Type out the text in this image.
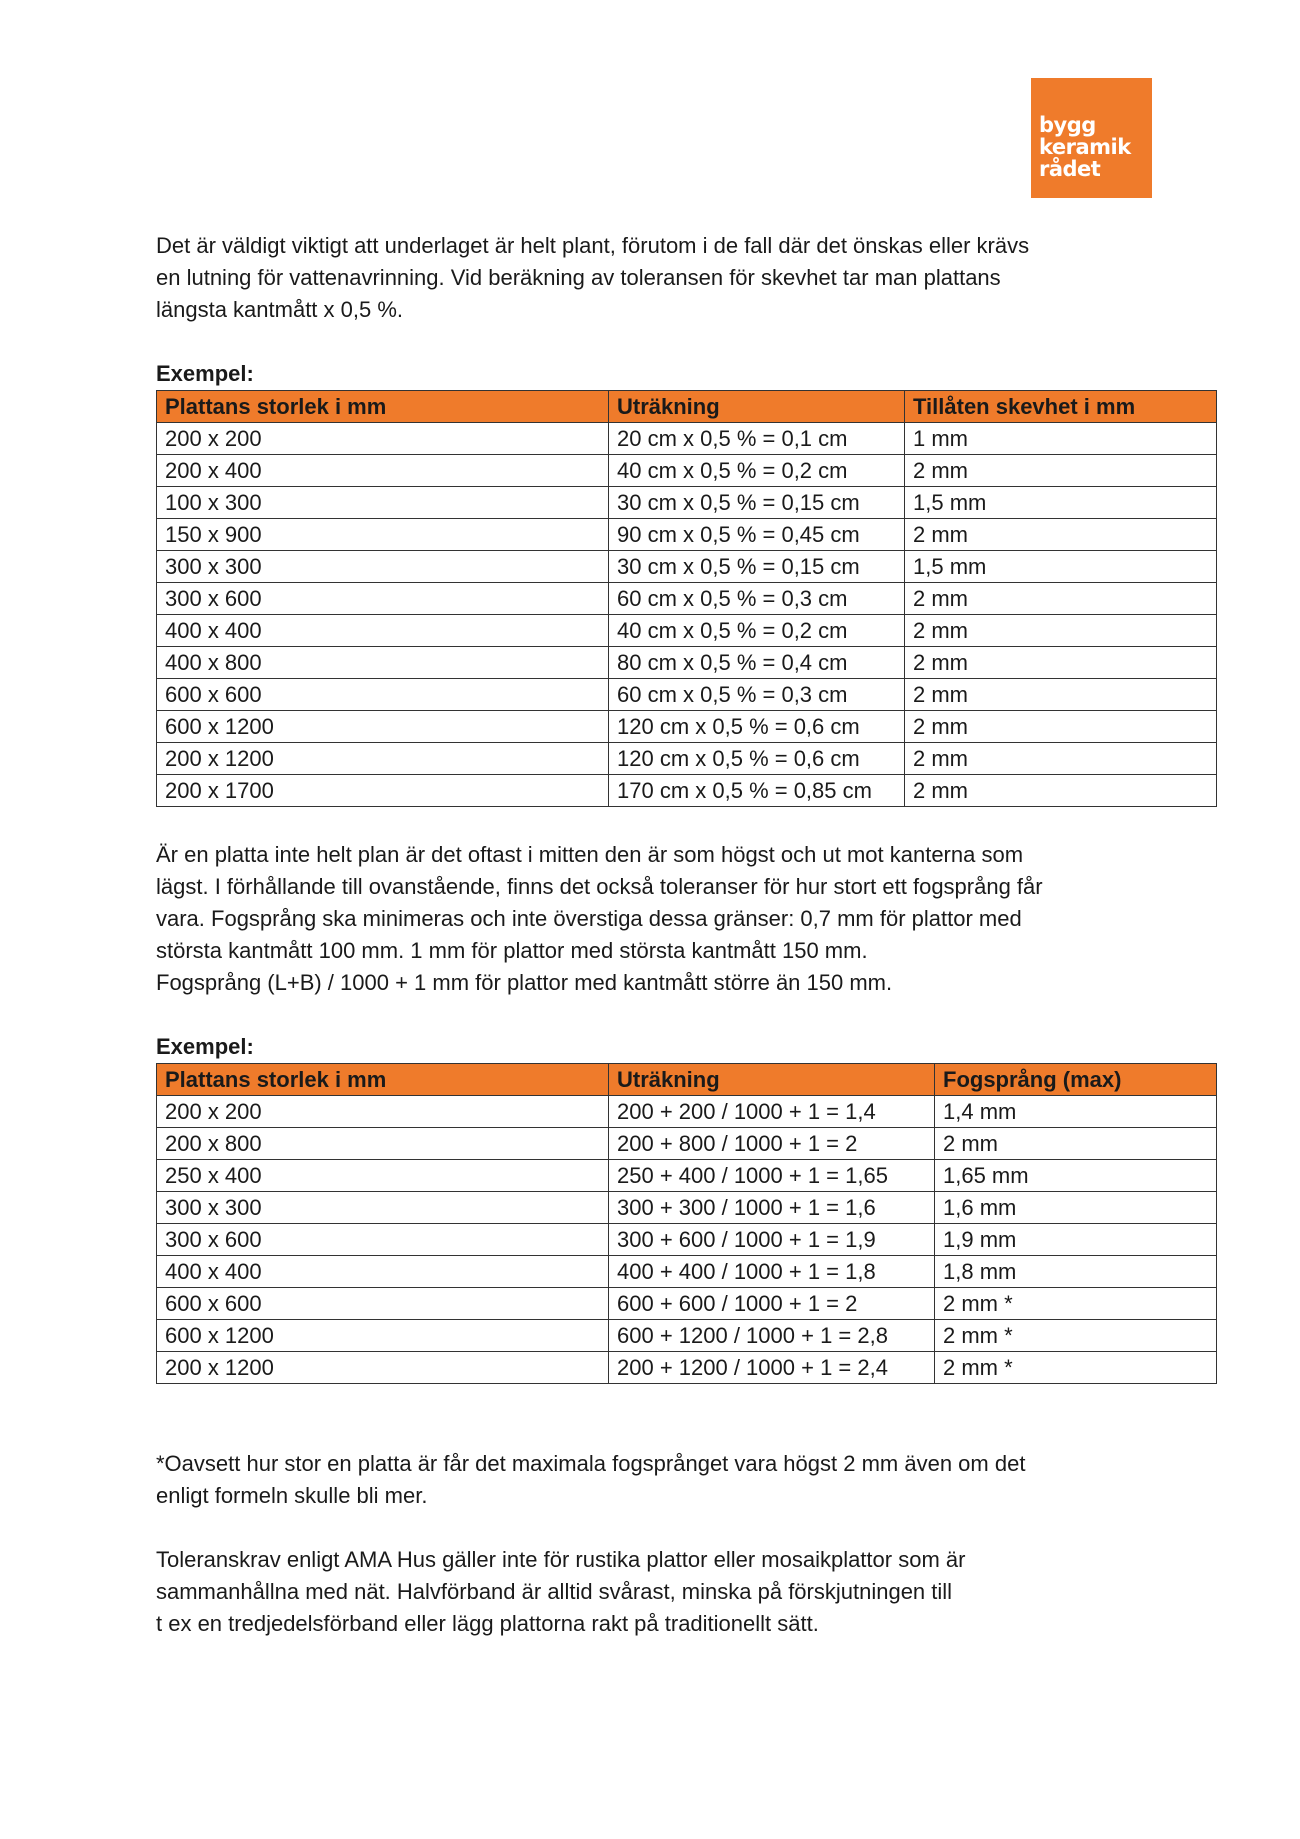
bygg
keramik
rådet

Det är väldigt viktigt att underlaget är helt plant, förutom i de fall där det önskas eller krävs
en lutning för vattenavrinning. Vid beräkning av toleransen för skevhet tar man plattans
längsta kantmått x 0,5 %.

Exempel:
Plattans storlek i mm	Uträkning	Tillåten skevhet i mm
200 x 200	20 cm x 0,5 % = 0,1 cm	1 mm
200 x 400	40 cm x 0,5 % = 0,2 cm	2 mm
100 x 300	30 cm x 0,5 % = 0,15 cm	1,5 mm
150 x 900	90 cm x 0,5 % = 0,45 cm	2 mm
300 x 300	30 cm x 0,5 % = 0,15 cm	1,5 mm
300 x 600	60 cm x 0,5 % = 0,3 cm	2 mm
400 x 400	40 cm x 0,5 % = 0,2 cm	2 mm
400 x 800	80 cm x 0,5 % = 0,4 cm	2 mm
600 x 600	60 cm x 0,5 % = 0,3 cm	2 mm
600 x 1200	120 cm x 0,5 % = 0,6 cm	2 mm
200 x 1200	120 cm x 0,5 % = 0,6 cm	2 mm
200 x 1700	170 cm x 0,5 % = 0,85 cm	2 mm

Är en platta inte helt plan är det oftast i mitten den är som högst och ut mot kanterna som
lägst. I förhållande till ovanstående, finns det också toleranser för hur stort ett fogsprång får
vara. Fogsprång ska minimeras och inte överstiga dessa gränser: 0,7 mm för plattor med
största kantmått 100 mm. 1 mm för plattor med största kantmått 150 mm.
Fogsprång (L+B) / 1000 + 1 mm för plattor med kantmått större än 150 mm.

Exempel:
Plattans storlek i mm	Uträkning	Fogsprång (max)
200 x 200	200 + 200 / 1000 + 1 = 1,4	1,4 mm
200 x 800	200 + 800 / 1000 + 1 = 2	2 mm
250 x 400	250 + 400 / 1000 + 1 = 1,65	1,65 mm
300 x 300	300 + 300 / 1000 + 1 = 1,6	1,6 mm
300 x 600	300 + 600 / 1000 + 1 = 1,9	1,9 mm
400 x 400	400 + 400 / 1000 + 1 = 1,8	1,8 mm
600 x 600	600 + 600 / 1000 + 1 = 2	2 mm *
600 x 1200	600 + 1200 / 1000 + 1 = 2,8	2 mm *
200 x 1200	200 + 1200 / 1000 + 1 = 2,4	2 mm *

*Oavsett hur stor en platta är får det maximala fogsprånget vara högst 2 mm även om det
enligt formeln skulle bli mer.

Toleranskrav enligt AMA Hus gäller inte för rustika plattor eller mosaikplattor som är
sammanhållna med nät. Halvförband är alltid svårast, minska på förskjutningen till
t ex en tredjedelsförband eller lägg plattorna rakt på traditionellt sätt.
